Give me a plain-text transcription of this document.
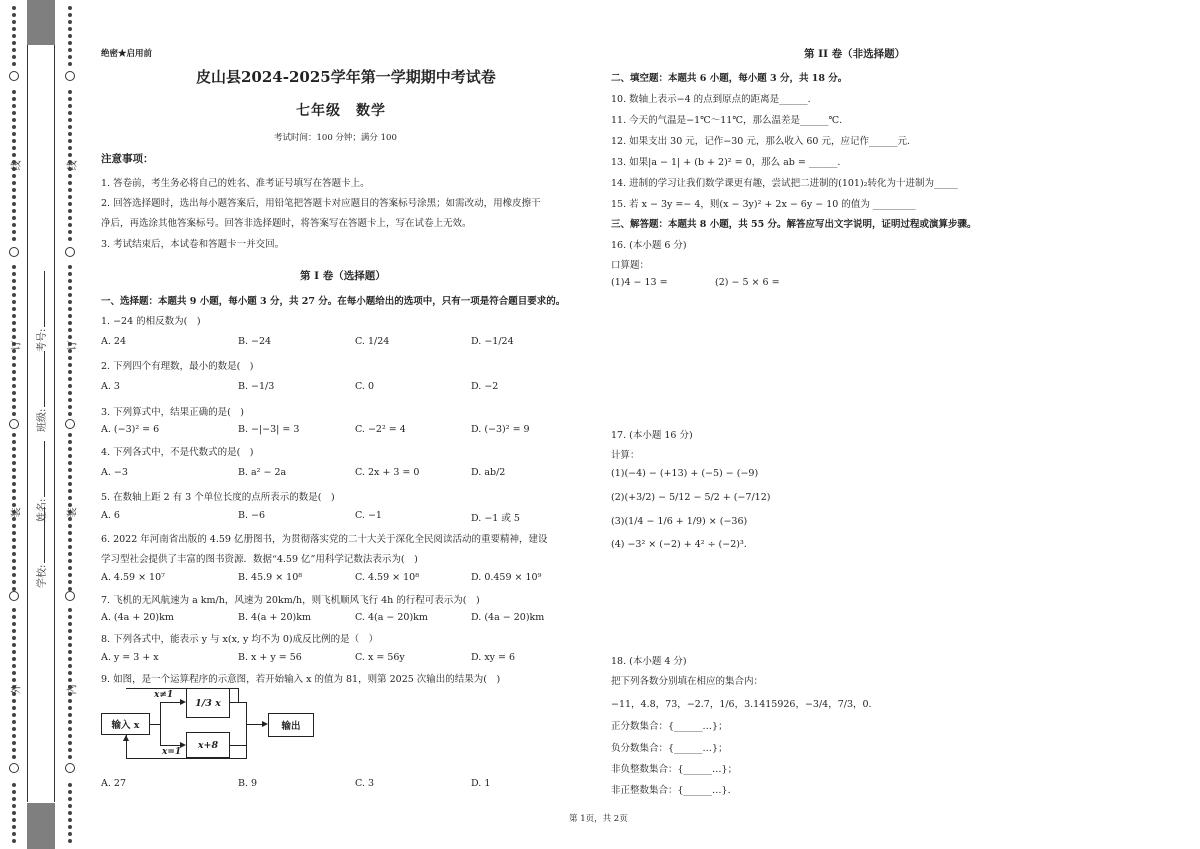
线
订
装
外
线
订
装
内
学校:
姓名:
班级:
考号:
绝密★启用前
皮山县2024-2025学年第一学期期中考试卷
七年级　数学
考试时间：100 分钟；满分 100
注意事项：
1. 答卷前，考生务必将自己的姓名、准考证号填写在答题卡上。
2. 回答选择题时，选出每小题答案后，用铅笔把答题卡对应题目的答案标号涂黑；如需改动，用橡皮擦干
净后，再选涂其他答案标号。回答非选择题时，将答案写在答题卡上，写在试卷上无效。
3. 考试结束后，本试卷和答题卡一并交回。
第 I 卷（选择题）
一、选择题：本题共 9 小题，每小题 3 分，共 27 分。在每小题给出的选项中，只有一项是符合题目要求的。
1. −24 的相反数为(　)
A. 24	B. −24	C. 1/24	D. −1/24
2. 下列四个有理数，最小的数是(　)
A. 3	B. −1/3	C. 0	D. −2
3. 下列算式中，结果正确的是(　)
A. (−3)² = 6	B. −|−3| = 3	C. −2² = 4	D. (−3)² = 9
4. 下列各式中，不是代数式的是(　)
A. −3	B. a² − 2a	C. 2x + 3 = 0	D. ab/2
5. 在数轴上距 2 有 3 个单位长度的点所表示的数是(　)
A. 6	B. −6	C. −1	D. −1 或 5
6. 2022 年河南省出版的 4.59 亿册图书，为贯彻落实党的二十大关于深化全民阅读活动的重要精神，建设
学习型社会提供了丰富的图书资源．数据“4.59 亿”用科学记数法表示为(　)
A. 4.59 × 10⁷	B. 45.9 × 10⁸	C. 4.59 × 10⁸	D. 0.459 × 10⁹
7. 飞机的无风航速为 a km/h，风速为 20km/h，则飞机顺风飞行 4h 的行程可表示为(　)
A. (4a + 20)km	B. 4(a + 20)km	C. 4(a − 20)km	D. (4a − 20)km
8. 下列各式中，能表示 y 与 x(x, y 均不为 0)成反比例的是（　）
A. y = 3 + x	B. x + y = 56	C. x = 56y	D. xy = 6
9. 如图，是一个运算程序的示意图，若开始输入 x 的值为 81，则第 2025 次输出的结果为(　)
输入 x
x≠1
x=1
1/3 x
x+8
输出
A. 27	B. 9	C. 3	D. 1
第 II 卷（非选择题）
二、填空题：本题共 6 小题，每小题 3 分，共 18 分。
10. 数轴上表示−4 的点到原点的距离是______.
11. 今天的气温是−1℃～11℃，那么温差是______℃.
12. 如果支出 30 元，记作−30 元，那么收入 60 元，应记作______元.
13. 如果|a − 1| + (b + 2)² = 0，那么 ab = ______.
14. 进制的学习让我们数学课更有趣，尝试把二进制的(101)₂转化为十进制为_____
15. 若 x − 3y =− 4，则(x − 3y)² + 2x − 6y − 10 的值为 _________
三、解答题：本题共 8 小题，共 55 分。解答应写出文字说明，证明过程或演算步骤。
16. (本小题 6 分)
口算题：
(1)4 − 13 =	(2) − 5 × 6 =
17. (本小题 16 分)
计算：
(1)(−4) − (+13) + (−5) − (−9)
(2)(+3/2) − 5/12 − 5/2 + (−7/12)
(3)(1/4 − 1/6 + 1/9) × (−36)
(4) −3² × (−2) + 4² ÷ (−2)³.
18. (本小题 4 分)
把下列各数分别填在相应的集合内：
−11，4.8，73，−2.7，1/6，3.1415926，−3/4，7/3，0.
正分数集合：{______…}；
负分数集合：{______…}；
非负整数集合：{______…}；
非正整数集合：{______…}.
第 1页，共 2页
